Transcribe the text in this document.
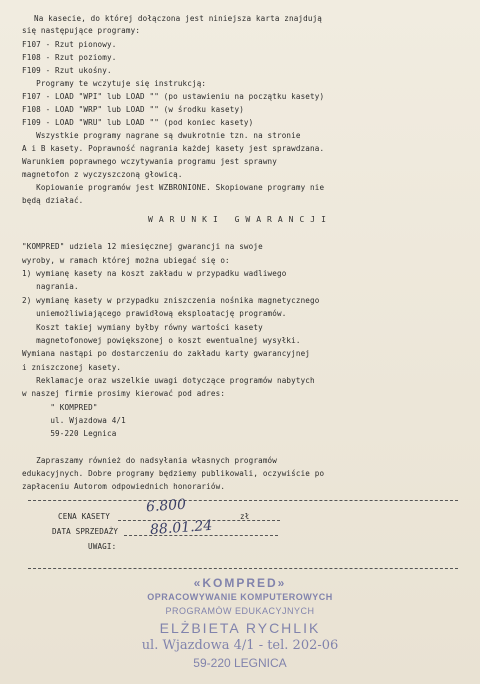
Na kasecie, do której dołączona jest niniejsza karta znajdują
się następujące programy:
F107 - Rzut pionowy.
F108 - Rzut poziomy.
F109 - Rzut ukośny.
Programy te wczytuje się instrukcją:
F107 - LOAD "WPI" lub LOAD "" (po ustawieniu na początku kasety)
F108 - LOAD "WRP" lub LOAD "" (w środku kasety)
F109 - LOAD "WRU" lub LOAD "" (pod koniec kasety)
Wszystkie programy nagrane są dwukrotnie tzn. na stronie
A i B kasety. Poprawność nagrania każdej kasety jest sprawdzana.
Warunkiem poprawnego wczytywania programu jest sprawny
magnetofon z wyczyszczoną głowicą.
Kopiowanie programów jest WZBRONIONE. Skopiowane programy nie
będą działać.
WARUNKI GWARANCJI
"KOMPRED" udziela 12 miesięcznej gwarancji na swoje
wyroby, w ramach której można ubiegać się o:
1) wymianę kasety na koszt zakładu w przypadku wadliwego
nagrania.
2) wymianę kasety w przypadku zniszczenia nośnika magnetycznego
uniemożliwiającego prawidłową eksploatację programów.
Koszt takiej wymiany byłby równy wartości kasety
magnetofonowej powiększonej o koszt ewentualnej wysyłki.
Wymiana nastąpi po dostarczeniu do zakładu karty gwarancyjnej
i zniszczonej kasety.
Reklamacje oraz wszelkie uwagi dotyczące programów nabytych
w naszej firmie prosimy kierować pod adres:
" KOMPRED"
ul. Wjazdowa 4/1
59-220 Legnica
Zapraszamy również do nadsyłania własnych programów
edukacyjnych. Dobre programy będziemy publikowali, oczywiście po
zapłaceniu Autorom odpowiednich honorariów.
CENA KASETY
6.800
zł
DATA SPRZEDAŻY 88.01.24
UWAGI:
«KOMPRED»
OPRACOWYWANIE KOMPUTEROWYCH
PROGRAMÓW EDUKACYJNYCH
ELŻBIETA RYCHLIK
ul. Wjazdowa 4/1 - tel. 202-06
59-220 LEGNICA
